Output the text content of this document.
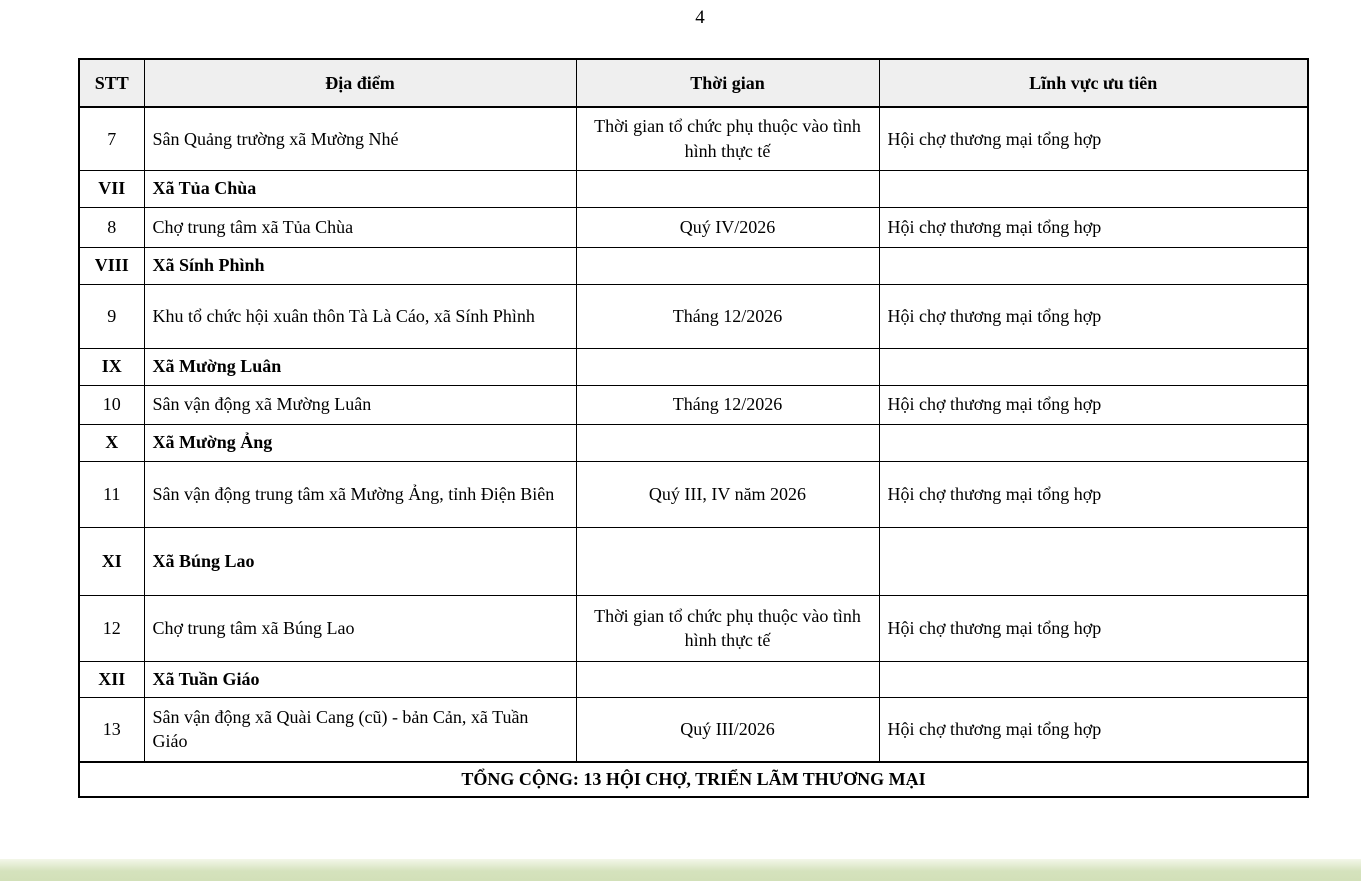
4
STT	Địa điểm	Thời gian	Lĩnh vực ưu tiên
7	Sân Quảng trường xã Mường Nhé	Thời gian tổ chức phụ thuộc vào tình hình thực tế	Hội chợ thương mại tổng hợp
VII	Xã Tủa Chùa		
8	Chợ trung tâm xã Tủa Chùa	Quý IV/2026	Hội chợ thương mại tổng hợp
VIII	Xã Sính Phình		
9	Khu tổ chức hội xuân thôn Tà Là Cáo, xã Sính Phình	Tháng 12/2026	Hội chợ thương mại tổng hợp
IX	Xã Mường Luân		
10	Sân vận động xã Mường Luân	Tháng 12/2026	Hội chợ thương mại tổng hợp
X	Xã Mường Ảng		
11	Sân vận động trung tâm xã Mường Ảng, tỉnh Điện Biên	Quý III, IV năm 2026	Hội chợ thương mại tổng hợp
XI	Xã Búng Lao		
12	Chợ trung tâm xã Búng Lao	Thời gian tổ chức phụ thuộc vào tình hình thực tế	Hội chợ thương mại tổng hợp
XII	Xã Tuần Giáo		
13	Sân vận động xã Quài Cang (cũ) - bản Cản, xã Tuần Giáo	Quý III/2026	Hội chợ thương mại tổng hợp
TỔNG CỘNG: 13 HỘI CHỢ, TRIỂN LÃM THƯƠNG MẠI			
